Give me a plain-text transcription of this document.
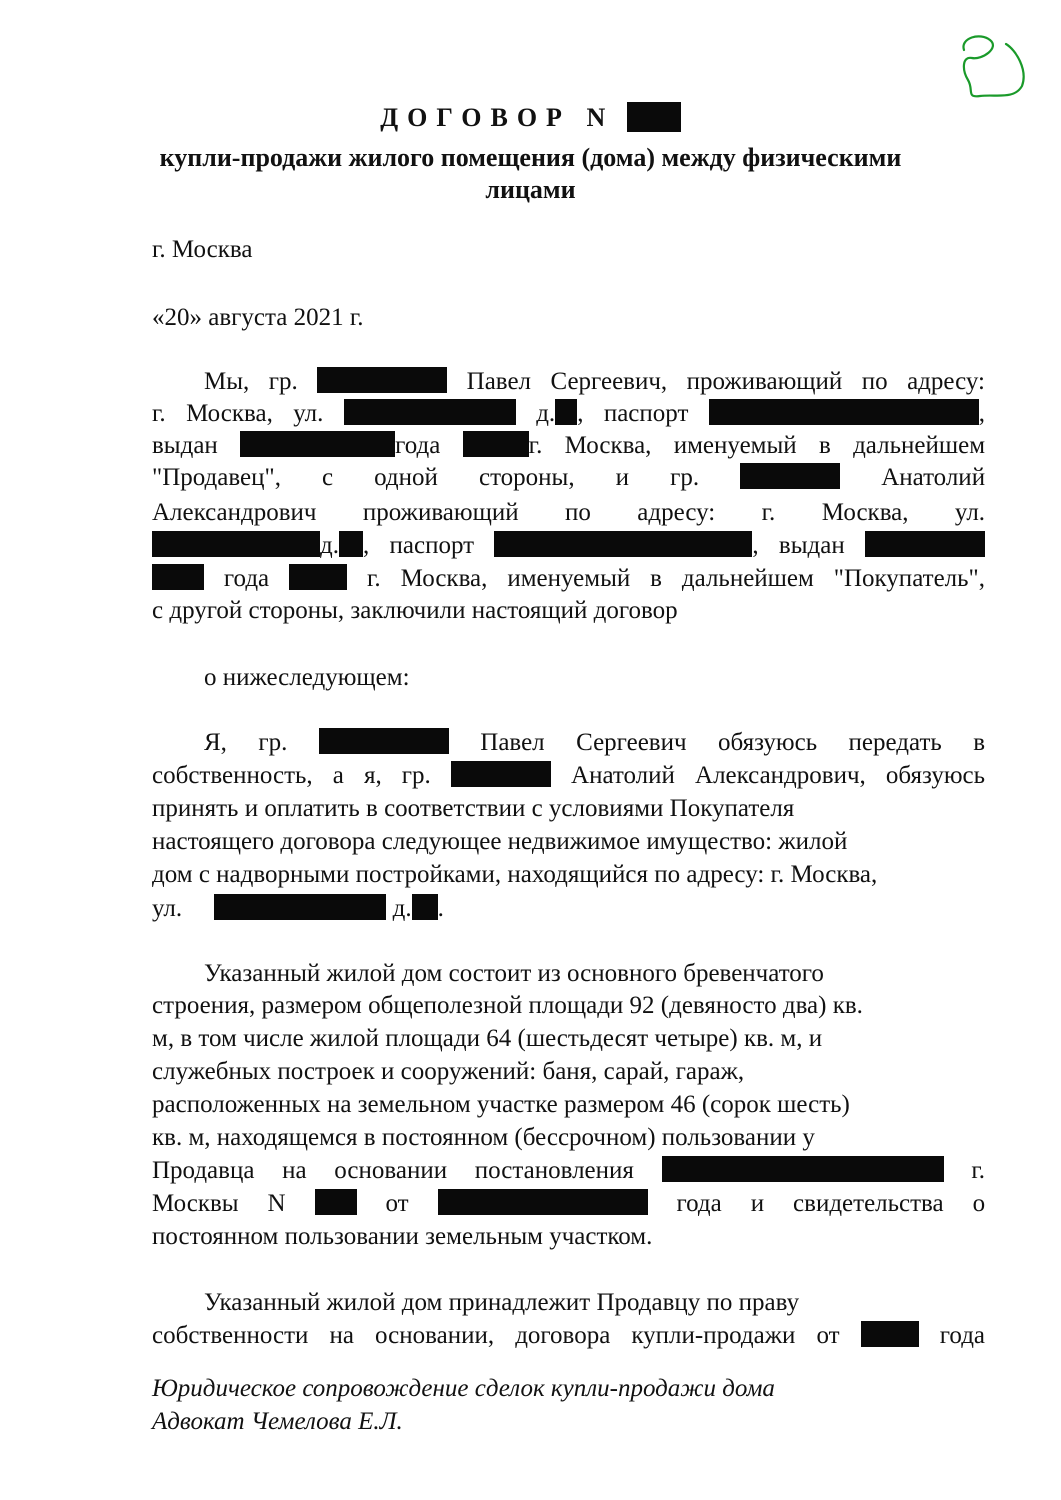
ДОГОВОР N
купли-продажи жилого помещения (дома) между физическими
лицами
г. Москва
«20» августа 2021 г.
Мы, гр.	Павел Сергеевич, проживающий по адресу:
г. Москва, ул.	д. , паспорт	,
выдан	года	г. Москва, именуемый в дальнейшем
"Продавец", с одной стороны, и гр.	Анатолий
Александрович проживающий по адресу: г. Москва, ул.
д. , паспорт	, выдан
года	г. Москва, именуемый в дальнейшем "Покупатель",
с другой стороны, заключили настоящий договор
о нижеследующем:
Я, гр.	Павел Сергеевич обязуюсь передать в
собственность, а я, гр.	Анатолий Александрович, обязуюсь
принять и оплатить в соответствии с условиями Покупателя
настоящего договора следующее недвижимое имущество: жилой
дом с надворными постройками, находящийся по адресу: г. Москва,
ул.	д. .
Указанный жилой дом состоит из основного бревенчатого
строения, размером общеполезной площади 92 (девяносто два) кв.
м, в том числе жилой площади 64 (шестьдесят четыре) кв. м, и
служебных построек и сооружений: баня, сарай, гараж,
расположенных на земельном участке размером 46 (сорок шесть)
кв. м, находящемся в постоянном (бессрочном) пользовании у
Продавца на основании постановления	г.
Москвы N	от	года и свидетельства о
постоянном пользовании земельным участком.
Указанный жилой дом принадлежит Продавцу по праву
собственности на основании, договора купли-продажи от	года
Юридическое сопровождение сделок купли-продажи дома
Адвокат Чемелова Е.Л.
